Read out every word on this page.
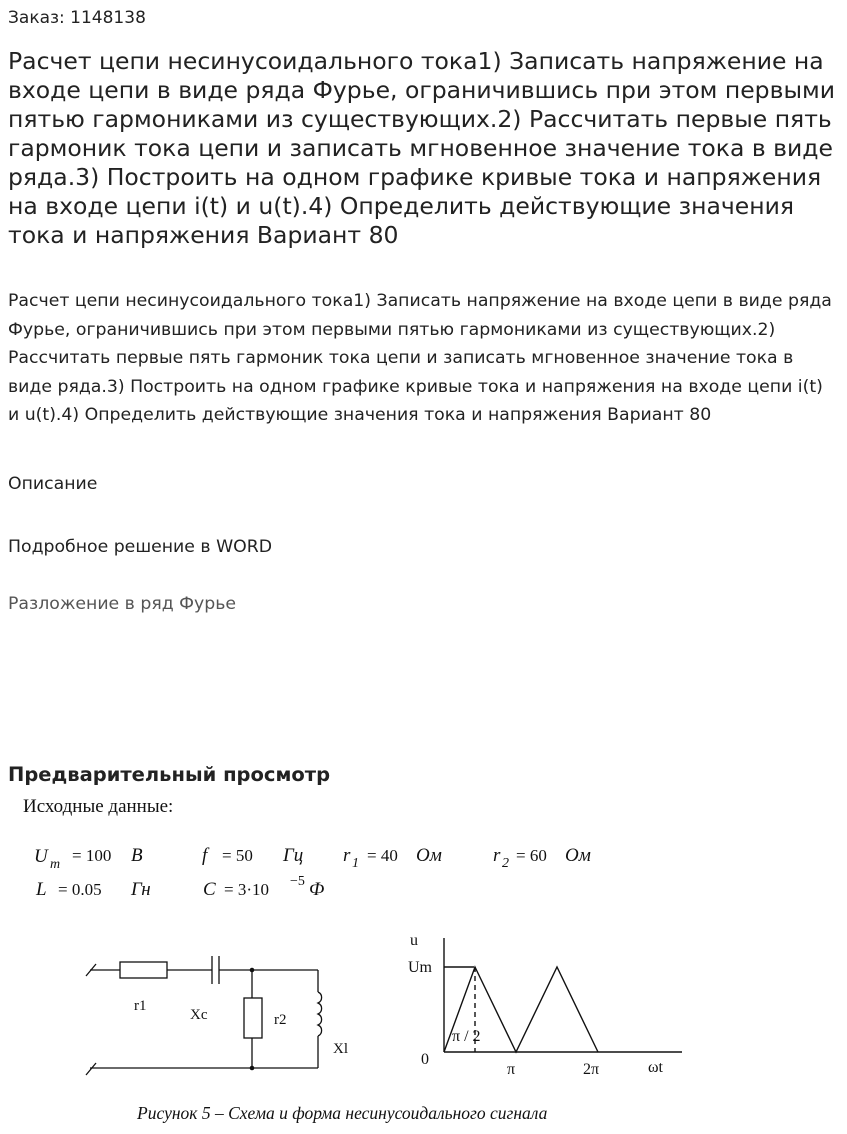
Заказ: 1148138
Расчет цепи несинусоидального тока1) Записать напряжение на входе цепи в виде ряда Фурье, ограничившись при этом первыми пятью гармониками из существующих.2) Рассчитать первые пять гармоник тока цепи и записать мгновенное значение тока в виде ряда.3) Построить на одном графике кривые тока и напряжения на входе цепи i(t) и u(t).4) Определить действующие значения тока и напряжения Вариант 80
Расчет цепи несинусоидального тока1) Записать напряжение на входе цепи в виде ряда Фурье, ограничившись при этом первыми пятью гармониками из существующих.2) Рассчитать первые пять гармоник тока цепи и записать мгновенное значение тока в виде ряда.3) Построить на одном графике кривые тока и напряжения на входе цепи i(t) и u(t).4) Определить действующие значения тока и напряжения Вариант 80
Описание
Подробное решение в WORD
Разложение в ряд Фурье
Предварительный просмотр
Исходные данные:
U m = 100 В	f = 50 Гц r 1 = 40 Ом	r 2 = 60 Ом
L = 0.05 Гн	C = 3·10 −5 Ф
r1
Xc	r2
Xl
u
Um
0
π / 2
π	2π	ωt
Рисунок 5 – Схема и форма несинусоидального сигнала
